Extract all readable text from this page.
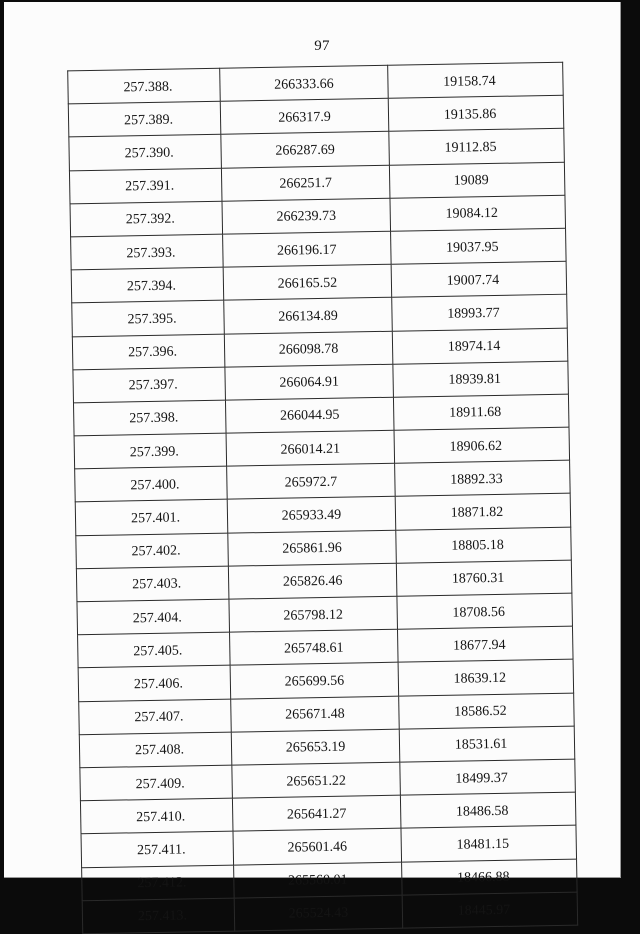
97
257.388.	266333.66	19158.74
257.389.	266317.9	19135.86
257.390.	266287.69	19112.85
257.391.	266251.7	19089
257.392.	266239.73	19084.12
257.393.	266196.17	19037.95
257.394.	266165.52	19007.74
257.395.	266134.89	18993.77
257.396.	266098.78	18974.14
257.397.	266064.91	18939.81
257.398.	266044.95	18911.68
257.399.	266014.21	18906.62
257.400.	265972.7	18892.33
257.401.	265933.49	18871.82
257.402.	265861.96	18805.18
257.403.	265826.46	18760.31
257.404.	265798.12	18708.56
257.405.	265748.61	18677.94
257.406.	265699.56	18639.12
257.407.	265671.48	18586.52
257.408.	265653.19	18531.61
257.409.	265651.22	18499.37
257.410.	265641.27	18486.58
257.411.	265601.46	18481.15
257.412.	265560.01	18466.88
257.413.	265524.43	18445.97
